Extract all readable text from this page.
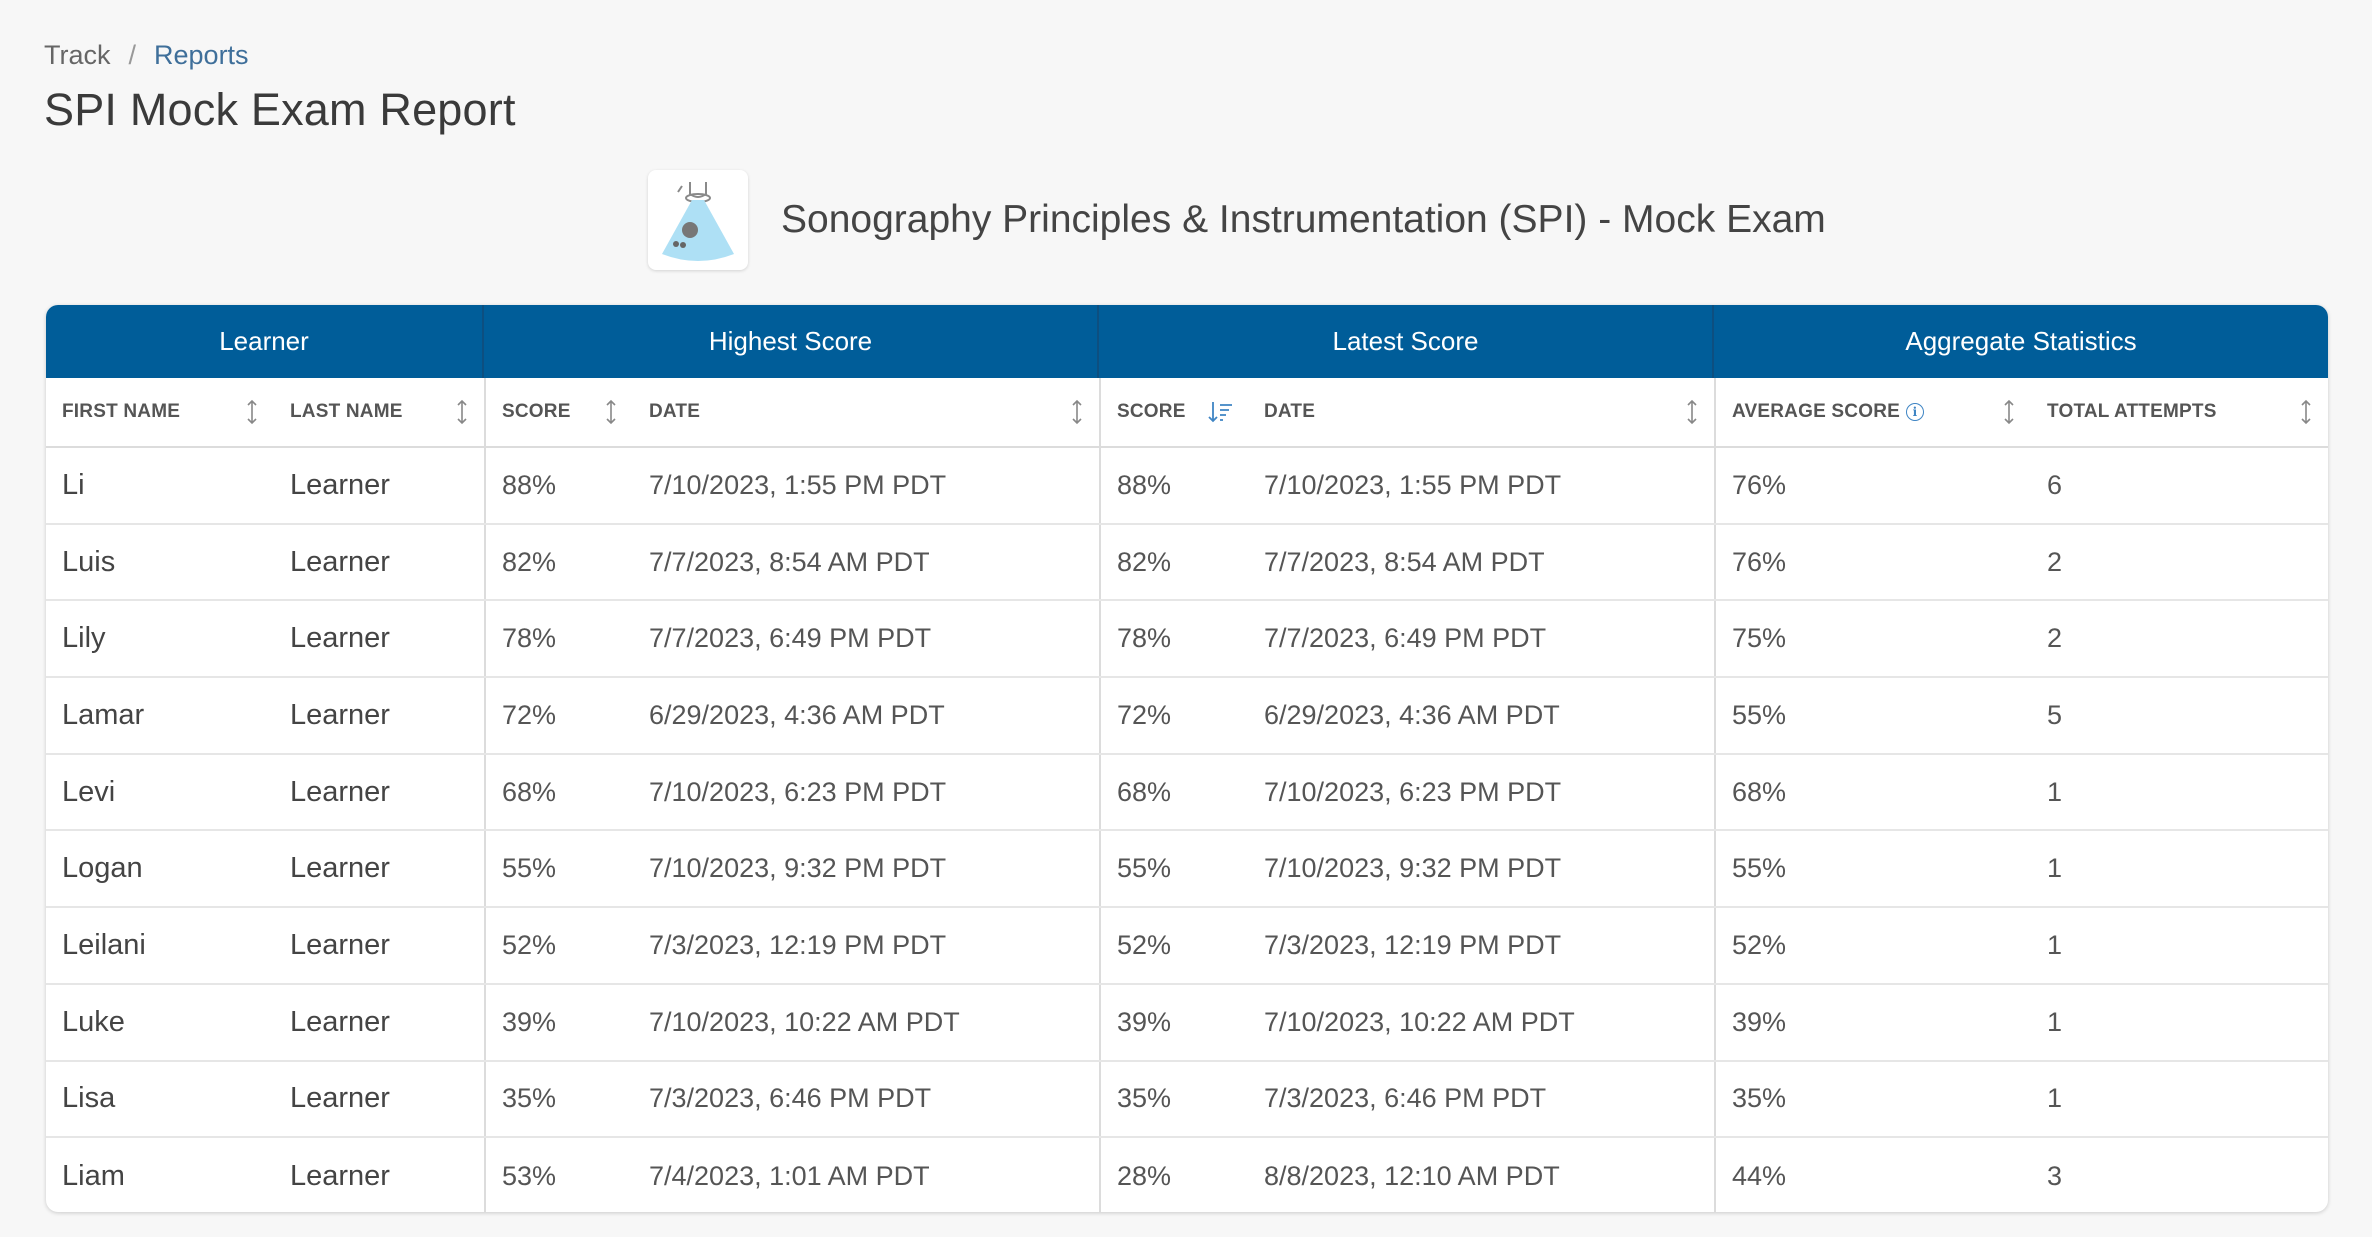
Track / Reports
SPI Mock Exam Report
Sonography Principles & Instrumentation (SPI) - Mock Exam
Learner	Highest Score	Latest Score	Aggregate Statistics
FIRST NAME	LAST NAME	SCORE	DATE	SCORE	DATE	AVERAGE SCORE	i	TOTAL ATTEMPTS
Li	Learner	88%	7/10/2023, 1:55 PM PDT	88%	7/10/2023, 1:55 PM PDT	76%	6
Luis	Learner	82%	7/7/2023, 8:54 AM PDT	82%	7/7/2023, 8:54 AM PDT	76%	2
Lily	Learner	78%	7/7/2023, 6:49 PM PDT	78%	7/7/2023, 6:49 PM PDT	75%	2
Lamar	Learner	72%	6/29/2023, 4:36 AM PDT	72%	6/29/2023, 4:36 AM PDT	55%	5
Levi	Learner	68%	7/10/2023, 6:23 PM PDT	68%	7/10/2023, 6:23 PM PDT	68%	1
Logan	Learner	55%	7/10/2023, 9:32 PM PDT	55%	7/10/2023, 9:32 PM PDT	55%	1
Leilani	Learner	52%	7/3/2023, 12:19 PM PDT	52%	7/3/2023, 12:19 PM PDT	52%	1
Luke	Learner	39%	7/10/2023, 10:22 AM PDT	39%	7/10/2023, 10:22 AM PDT	39%	1
Lisa	Learner	35%	7/3/2023, 6:46 PM PDT	35%	7/3/2023, 6:46 PM PDT	35%	1
Liam	Learner	53%	7/4/2023, 1:01 AM PDT	28%	8/8/2023, 12:10 AM PDT	44%	3
